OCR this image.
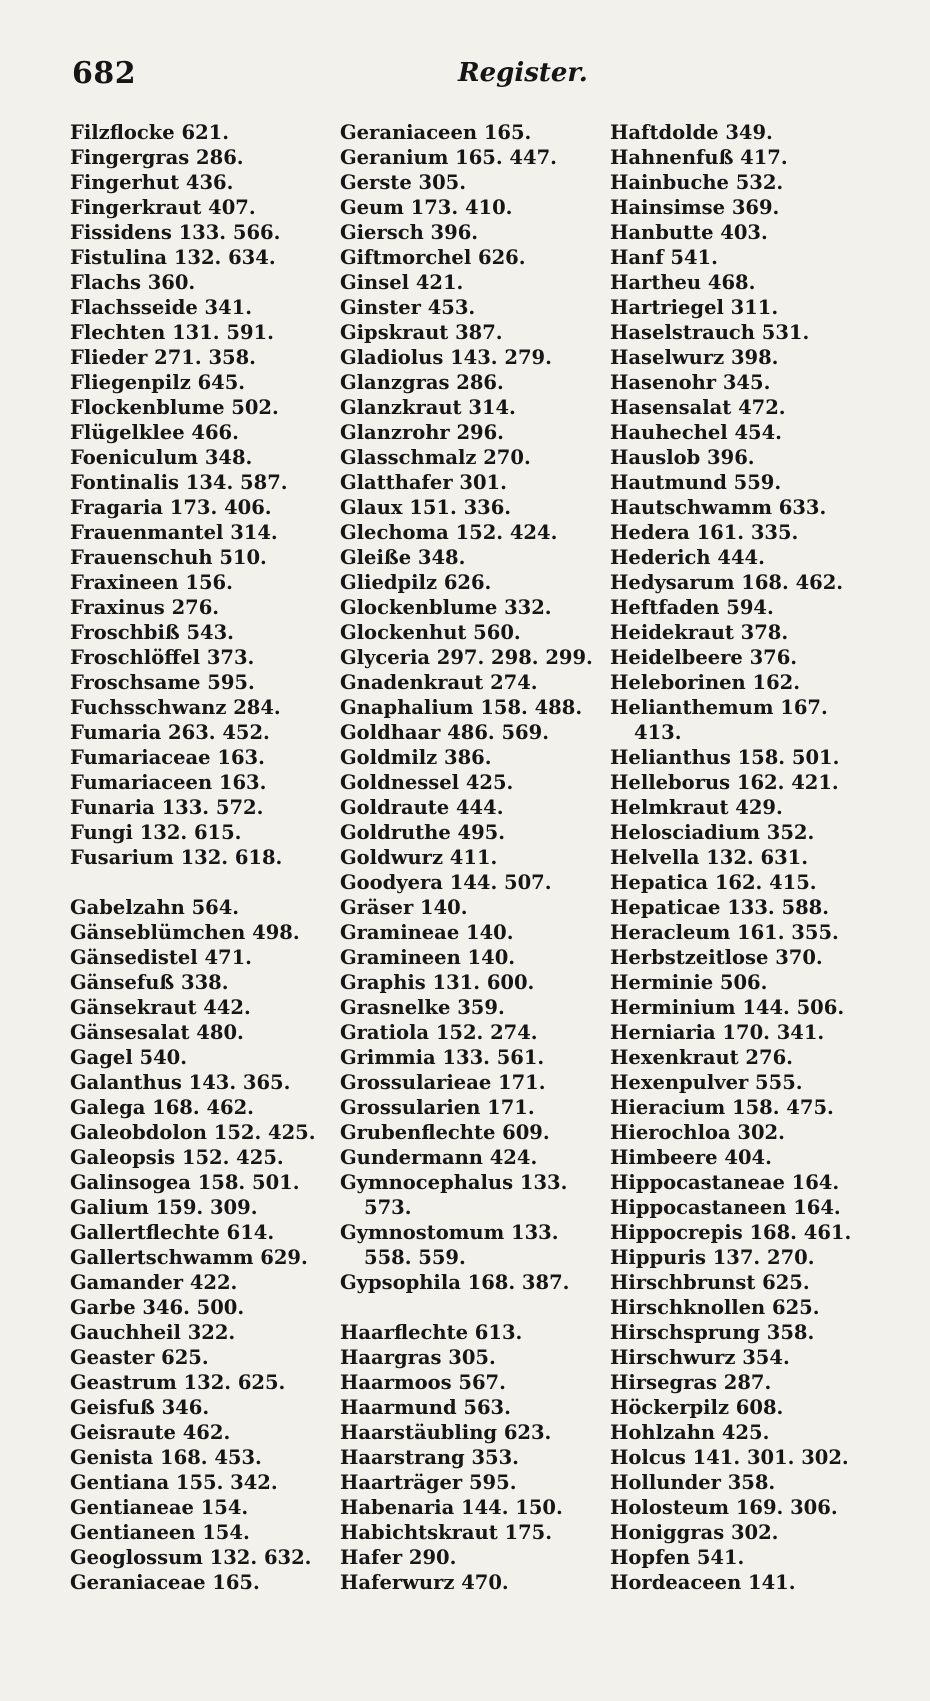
682	Register.
Filzflocke 621.
Fingergras 286.
Fingerhut 436.
Fingerkraut 407.
Fissidens 133. 566.
Fistulina 132. 634.
Flachs 360.
Flachsseide 341.
Flechten 131. 591.
Flieder 271. 358.
Fliegenpilz 645.
Flockenblume 502.
Flügelklee 466.
Foeniculum 348.
Fontinalis 134. 587.
Fragaria 173. 406.
Frauenmantel 314.
Frauenschuh 510.
Fraxineen 156.
Fraxinus 276.
Froschbiß 543.
Froschlöffel 373.
Froschsame 595.
Fuchsschwanz 284.
Fumaria 263. 452.
Fumariaceae 163.
Fumariaceen 163.
Funaria 133. 572.
Fungi 132. 615.
Fusarium 132. 618.
Gabelzahn 564.
Gänseblümchen 498.
Gänsedistel 471.
Gänsefuß 338.
Gänsekraut 442.
Gänsesalat 480.
Gagel 540.
Galanthus 143. 365.
Galega 168. 462.
Galeobdolon 152. 425.
Galeopsis 152. 425.
Galinsogea 158. 501.
Galium 159. 309.
Gallertflechte 614.
Gallertschwamm 629.
Gamander 422.
Garbe 346. 500.
Gauchheil 322.
Geaster 625.
Geastrum 132. 625.
Geisfuß 346.
Geisraute 462.
Genista 168. 453.
Gentiana 155. 342.
Gentianeae 154.
Gentianeen 154.
Geoglossum 132. 632.
Geraniaceae 165.
Geraniaceen 165.
Geranium 165. 447.
Gerste 305.
Geum 173. 410.
Giersch 396.
Giftmorchel 626.
Ginsel 421.
Ginster 453.
Gipskraut 387.
Gladiolus 143. 279.
Glanzgras 286.
Glanzkraut 314.
Glanzrohr 296.
Glasschmalz 270.
Glatthafer 301.
Glaux 151. 336.
Glechoma 152. 424.
Gleiße 348.
Gliedpilz 626.
Glockenblume 332.
Glockenhut 560.
Glyceria 297. 298. 299.
Gnadenkraut 274.
Gnaphalium 158. 488.
Goldhaar 486. 569.
Goldmilz 386.
Goldnessel 425.
Goldraute 444.
Goldruthe 495.
Goldwurz 411.
Goodyera 144. 507.
Gräser 140.
Gramineae 140.
Gramineen 140.
Graphis 131. 600.
Grasnelke 359.
Gratiola 152. 274.
Grimmia 133. 561.
Grossularieae 171.
Grossularien 171.
Grubenflechte 609.
Gundermann 424.
Gymnocephalus 133.
573.
Gymnostomum 133.
558. 559.
Gypsophila 168. 387.
Haarflechte 613.
Haargras 305.
Haarmoos 567.
Haarmund 563.
Haarstäubling 623.
Haarstrang 353.
Haarträger 595.
Habenaria 144. 150.
Habichtskraut 175.
Hafer 290.
Haferwurz 470.
Haftdolde 349.
Hahnenfuß 417.
Hainbuche 532.
Hainsimse 369.
Hanbutte 403.
Hanf 541.
Hartheu 468.
Hartriegel 311.
Haselstrauch 531.
Haselwurz 398.
Hasenohr 345.
Hasensalat 472.
Hauhechel 454.
Hauslob 396.
Hautmund 559.
Hautschwamm 633.
Hedera 161. 335.
Hederich 444.
Hedysarum 168. 462.
Heftfaden 594.
Heidekraut 378.
Heidelbeere 376.
Heleborinen 162.
Helianthemum 167.
413.
Helianthus 158. 501.
Helleborus 162. 421.
Helmkraut 429.
Helosciadium 352.
Helvella 132. 631.
Hepatica 162. 415.
Hepaticae 133. 588.
Heracleum 161. 355.
Herbstzeitlose 370.
Herminie 506.
Herminium 144. 506.
Herniaria 170. 341.
Hexenkraut 276.
Hexenpulver 555.
Hieracium 158. 475.
Hierochloa 302.
Himbeere 404.
Hippocastaneae 164.
Hippocastaneen 164.
Hippocrepis 168. 461.
Hippuris 137. 270.
Hirschbrunst 625.
Hirschknollen 625.
Hirschsprung 358.
Hirschwurz 354.
Hirsegras 287.
Höckerpilz 608.
Hohlzahn 425.
Holcus 141. 301. 302.
Hollunder 358.
Holosteum 169. 306.
Honiggras 302.
Hopfen 541.
Hordeaceen 141.
